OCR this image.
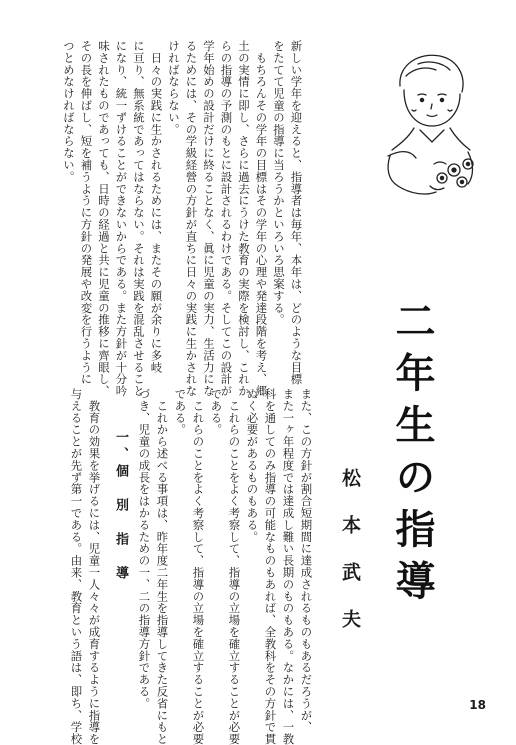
新しい学年を迎えると、指導者は毎年、本年は、どのような目標
をたてて児童の指導に当ろうかといろいろ思案する。
　もちろんその学年の目標はその学年の心理や発達段階を考え、郷
土の実情に即し、さらに過去にうけた教育の実際を検討し、これか
らの指導の予測のもとに設計されるわけである。そしてこの設計が
学年始めの設計だけに終ることなく、眞に児童の実力、生活力にな
るためには、その学級経營の方針が直ちに日々の実践に生かされな
ければならない。
　日々の実践に生かされるためには、またその願が余りに多岐
に亘り、無系統であってはならない。それは実践を混乱させること
になり、統一ずけることができないからである。また方針が十分吟
味されたものであっても、日時の経過と共に児童の推移に齊眼し、
その長を伸ばし、短を補うように方針の発展や改変を行うように
つとめなければならない。
二年生の指導
松本武夫
また、この方針が割合短期間に達成されるものもあるだろうが、
また一ヶ年程度では達成し難い長期のものもある。なかには、一教
科を通してのみ指導の可能なものもあれば、全教科をその方針で貫
ぬく必要があるものもある。
　これらのことをよく考察して、指導の立場を確立することが必要
である。
　これらのことをよく考察して、指導の立場を確立することが必要
である。
　これから述べる事項は、昨年度二年生を指導してきた反省にもと
づき、児童の成長をはかるための一、二の指導方針である。
一、個　別　指　導
　教育の効果を挙げるには、児童一人々々が成育するように指導を
与えることが先ず第一である。由来、教育という語は、即ち、学校	18
